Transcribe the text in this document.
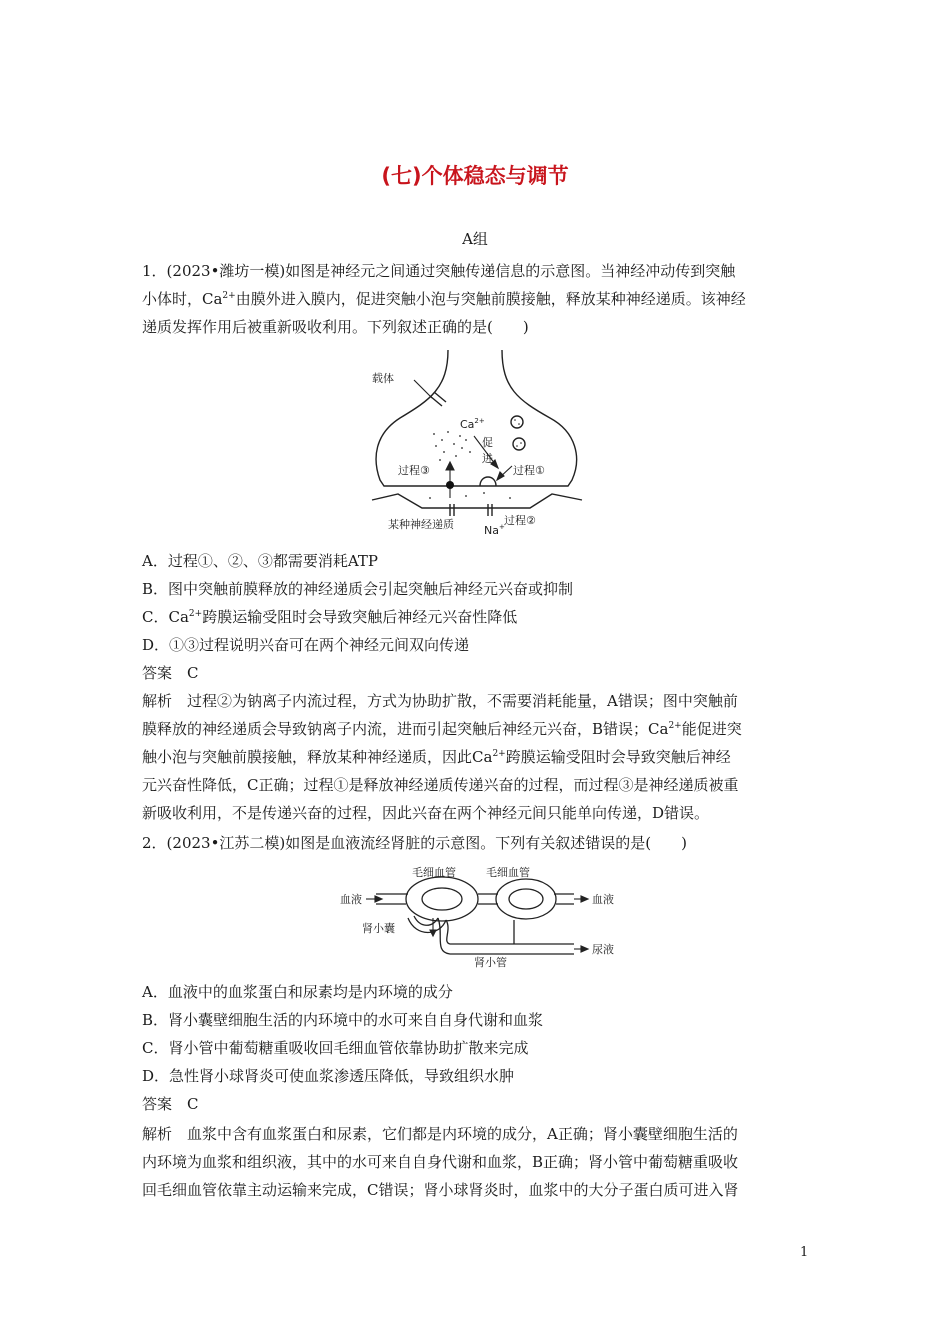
(七)个体稳态与调节
A组
1．(2023•潍坊一模)如图是神经元之间通过突触传递信息的示意图。当神经冲动传到突触
小体时，$Ca^{2+}$由膜外进入膜内，促进突触小泡与突触前膜接触，释放某种神经递质。该神经
递质发挥作用后被重新吸收利用。下列叙述正确的是(　　)
载体
$Ca^{2+}$
促
进
过程③	过程①
某种神经递质	Na+ 过程②
A．过程①、②、③都需要消耗ATP
B．图中突触前膜释放的神经递质会引起突触后神经元兴奋或抑制
C．$Ca^{2+}$跨膜运输受阻时会导致突触后神经元兴奋性降低
D．①③过程说明兴奋可在两个神经元间双向传递
答案　C
解析　过程②为钠离子内流过程，方式为协助扩散，不需要消耗能量，A错误；图中突触前
膜释放的神经递质会导致钠离子内流，进而引起突触后神经元兴奋，B错误；$Ca^{2+}$能促进突
触小泡与突触前膜接触，释放某种神经递质，因此$Ca^{2+}$跨膜运输受阻时会导致突触后神经
元兴奋性降低，C正确；过程①是释放神经递质传递兴奋的过程，而过程③是神经递质被重
新吸收利用，不是传递兴奋的过程，因此兴奋在两个神经元间只能单向传递，D错误。
2．(2023•江苏二模)如图是血液流经肾脏的示意图。下列有关叙述错误的是(　　)
毛细血管	毛细血管
血液	血液
肾小囊
肾小管
尿液
A．血液中的血浆蛋白和尿素均是内环境的成分
B．肾小囊壁细胞生活的内环境中的水可来自自身代谢和血浆
C．肾小管中葡萄糖重吸收回毛细血管依靠协助扩散来完成
D．急性肾小球肾炎可使血浆渗透压降低，导致组织水肿
答案　C
解析　血浆中含有血浆蛋白和尿素，它们都是内环境的成分，A正确；肾小囊壁细胞生活的
内环境为血浆和组织液，其中的水可来自自身代谢和血浆，B正确；肾小管中葡萄糖重吸收
回毛细血管依靠主动运输来完成，C错误；肾小球肾炎时，血浆中的大分子蛋白质可进入肾
1
